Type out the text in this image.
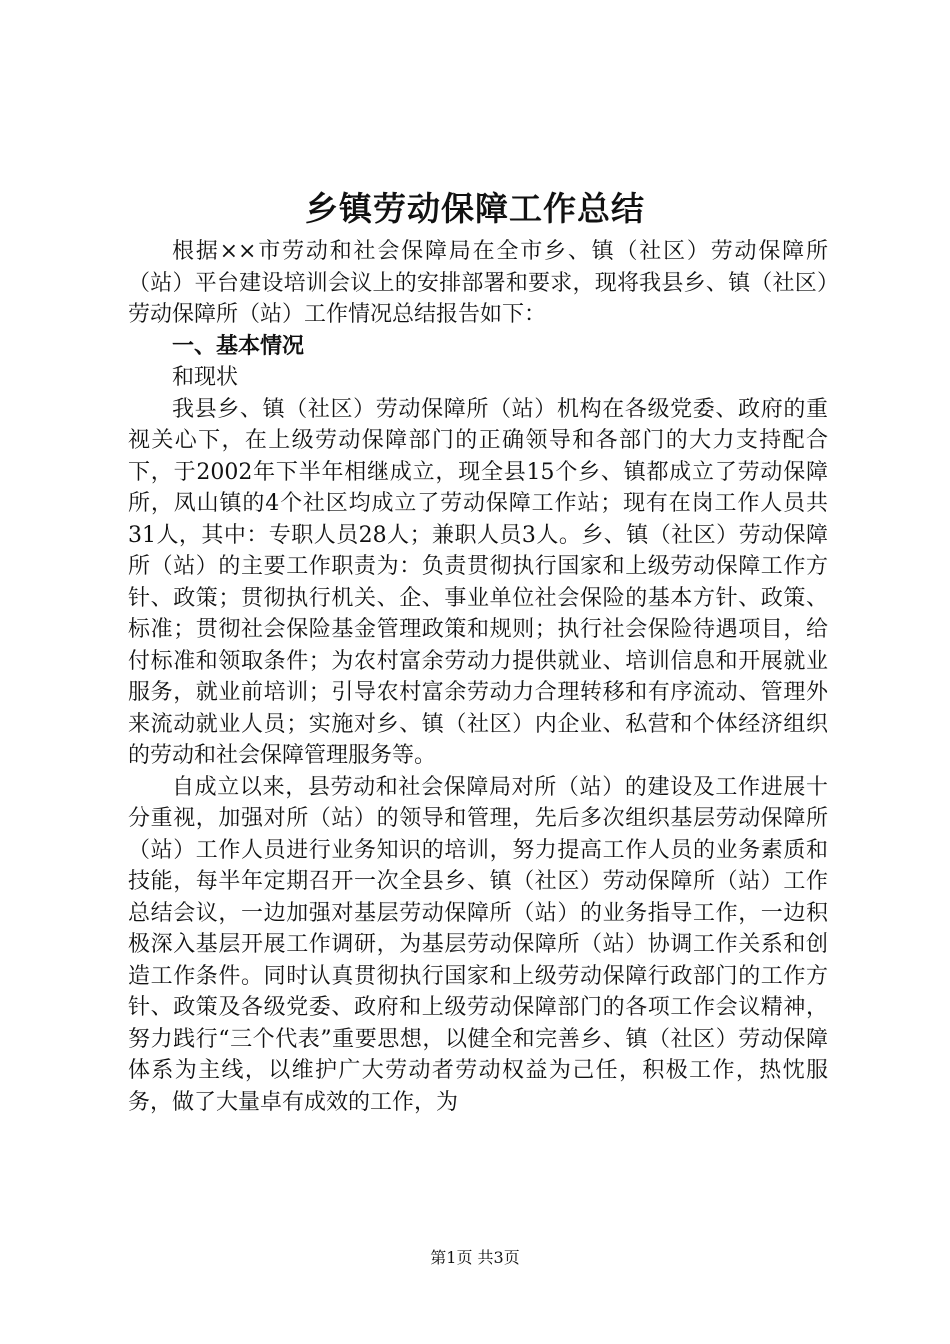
乡镇劳动保障工作总结

根据××市劳动和社会保障局在全市乡、镇（社区）劳动保障所（站）平台建设培训会议上的安排部署和要求，现将我县乡、镇（社区）劳动保障所（站）工作情况总结报告如下：

一、基本情况

和现状

我县乡、镇（社区）劳动保障所（站）机构在各级党委、政府的重视关心下，在上级劳动保障部门的正确领导和各部门的大力支持配合下，于2002年下半年相继成立，现全县15个乡、镇都成立了劳动保障所，凤山镇的4个社区均成立了劳动保障工作站；现有在岗工作人员共31人，其中：专职人员28人；兼职人员3人。乡、镇（社区）劳动保障所（站）的主要工作职责为：负责贯彻执行国家和上级劳动保障工作方针、政策；贯彻执行机关、企、事业单位社会保险的基本方针、政策、标准；贯彻社会保险基金管理政策和规则；执行社会保险待遇项目，给付标准和领取条件；为农村富余劳动力提供就业、培训信息和开展就业服务，就业前培训；引导农村富余劳动力合理转移和有序流动、管理外来流动就业人员；实施对乡、镇（社区）内企业、私营和个体经济组织的劳动和社会保障管理服务等。

自成立以来，县劳动和社会保障局对所（站）的建设及工作进展十分重视，加强对所（站）的领导和管理，先后多次组织基层劳动保障所（站）工作人员进行业务知识的培训，努力提高工作人员的业务素质和技能，每半年定期召开一次全县乡、镇（社区）劳动保障所（站）工作总结会议，一边加强对基层劳动保障所（站）的业务指导工作，一边积极深入基层开展工作调研，为基层劳动保障所（站）协调工作关系和创造工作条件。同时认真贯彻执行国家和上级劳动保障行政部门的工作方针、政策及各级党委、政府和上级劳动保障部门的各项工作会议精神，努力践行“三个代表”重要思想，以健全和完善乡、镇（社区）劳动保障体系为主线，以维护广大劳动者劳动权益为己任，积极工作，热忱服务，做了大量卓有成效的工作，为

第1页 共3页
